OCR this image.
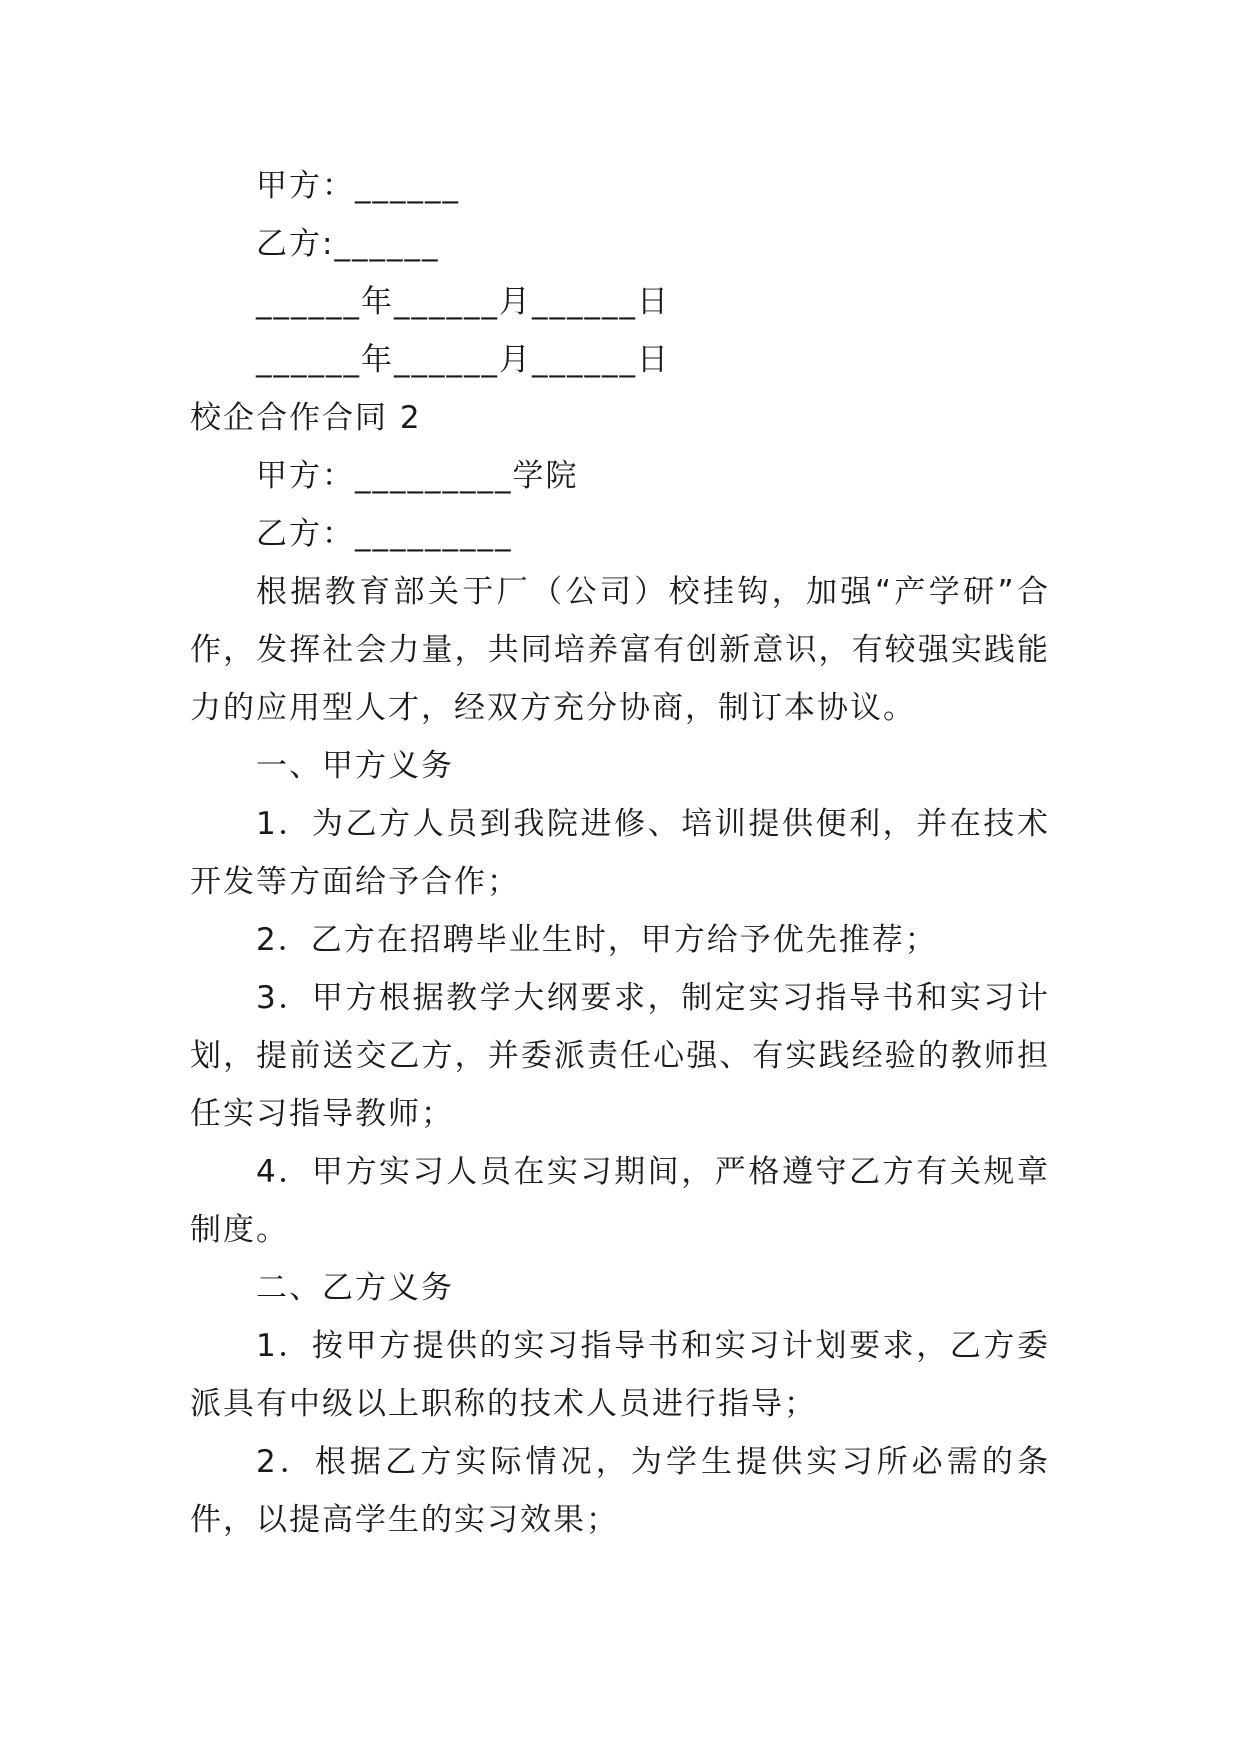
甲方：______

乙方:______

______年______月______日

______年______月______日

校企合作合同 2

甲方：_________学院

乙方：_________

根据教育部关于厂（公司）校挂钩，加强“产学研”合作，发挥社会力量，共同培养富有创新意识，有较强实践能力的应用型人才，经双方充分协商，制订本协议。

一、甲方义务

1．为乙方人员到我院进修、培训提供便利，并在技术开发等方面给予合作；

2．乙方在招聘毕业生时，甲方给予优先推荐；

3．甲方根据教学大纲要求，制定实习指导书和实习计划，提前送交乙方，并委派责任心强、有实践经验的教师担任实习指导教师；

4．甲方实习人员在实习期间，严格遵守乙方有关规章制度。

二、乙方义务

1．按甲方提供的实习指导书和实习计划要求，乙方委派具有中级以上职称的技术人员进行指导；

2．根据乙方实际情况，为学生提供实习所必需的条件，以提高学生的实习效果；
